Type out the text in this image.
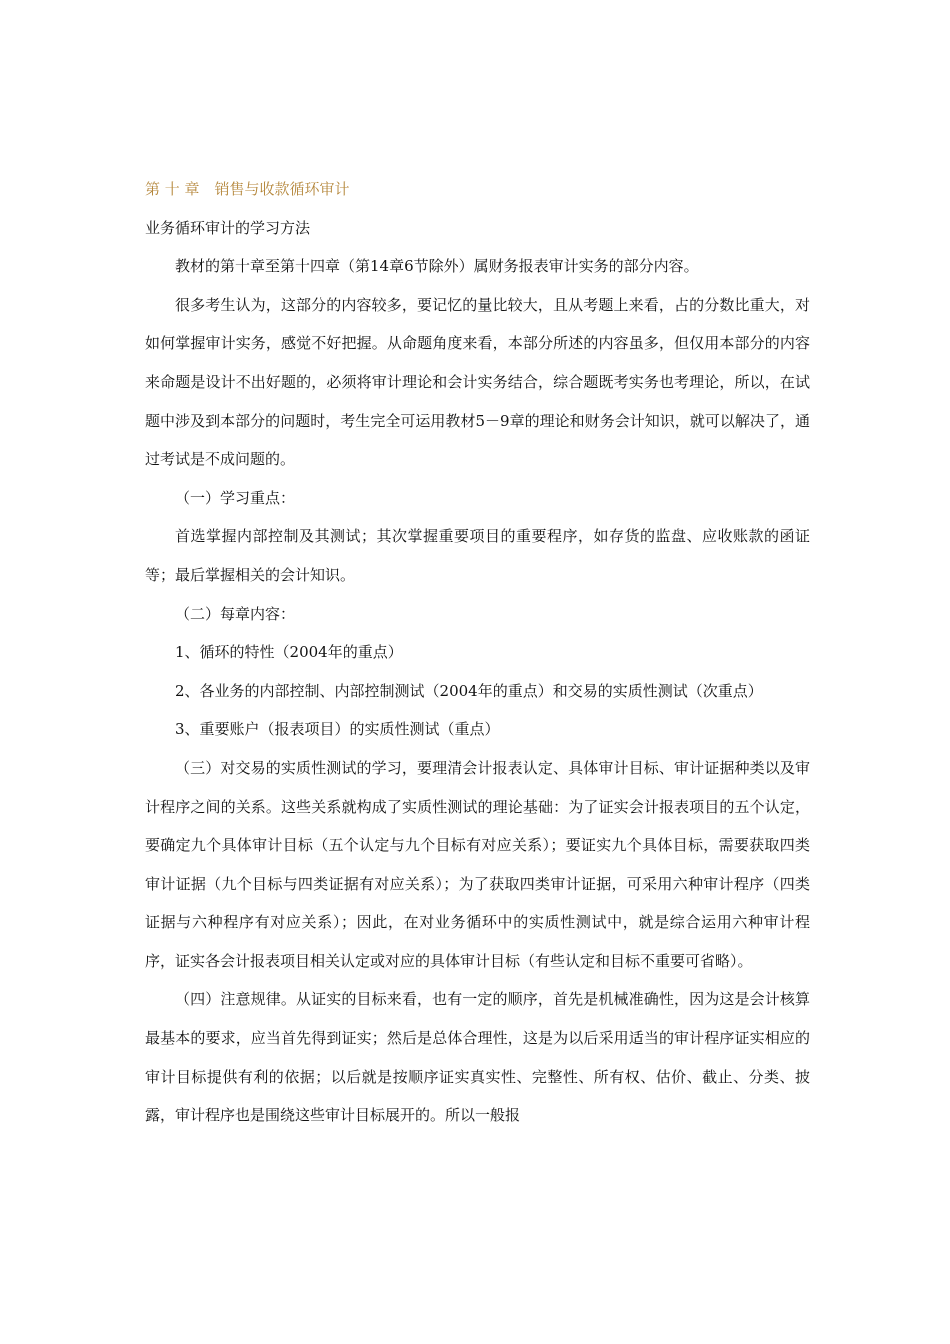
第 十 章　销售与收款循环审计

业务循环审计的学习方法

教材的第十章至第十四章（第14章6节除外）属财务报表审计实务的部分内容。

很多考生认为，这部分的内容较多，要记忆的量比较大，且从考题上来看，占的分数比重大，对如何掌握审计实务，感觉不好把握。从命题角度来看，本部分所述的内容虽多，但仅用本部分的内容来命题是设计不出好题的，必须将审计理论和会计实务结合，综合题既考实务也考理论，所以，在试题中涉及到本部分的问题时，考生完全可运用教材5－9章的理论和财务会计知识，就可以解决了，通过考试是不成问题的。

（一）学习重点：

首选掌握内部控制及其测试；其次掌握重要项目的重要程序，如存货的监盘、应收账款的函证等；最后掌握相关的会计知识。

（二）每章内容：

1、循环的特性（2004年的重点）

2、各业务的内部控制、内部控制测试（2004年的重点）和交易的实质性测试（次重点）

3、重要账户（报表项目）的实质性测试（重点）

（三）对交易的实质性测试的学习，要理清会计报表认定、具体审计目标、审计证据种类以及审计程序之间的关系。这些关系就构成了实质性测试的理论基础：为了证实会计报表项目的五个认定，要确定九个具体审计目标（五个认定与九个目标有对应关系）；要证实九个具体目标，需要获取四类审计证据（九个目标与四类证据有对应关系）；为了获取四类审计证据，可采用六种审计程序（四类证据与六种程序有对应关系）；因此，在对业务循环中的实质性测试中，就是综合运用六种审计程序，证实各会计报表项目相关认定或对应的具体审计目标（有些认定和目标不重要可省略）。

（四）注意规律。从证实的目标来看，也有一定的顺序，首先是机械准确性，因为这是会计核算最基本的要求，应当首先得到证实；然后是总体合理性，这是为以后采用适当的审计程序证实相应的审计目标提供有利的依据；以后就是按顺序证实真实性、完整性、所有权、估价、截止、分类、披露，审计程序也是围绕这些审计目标展开的。所以一般报
